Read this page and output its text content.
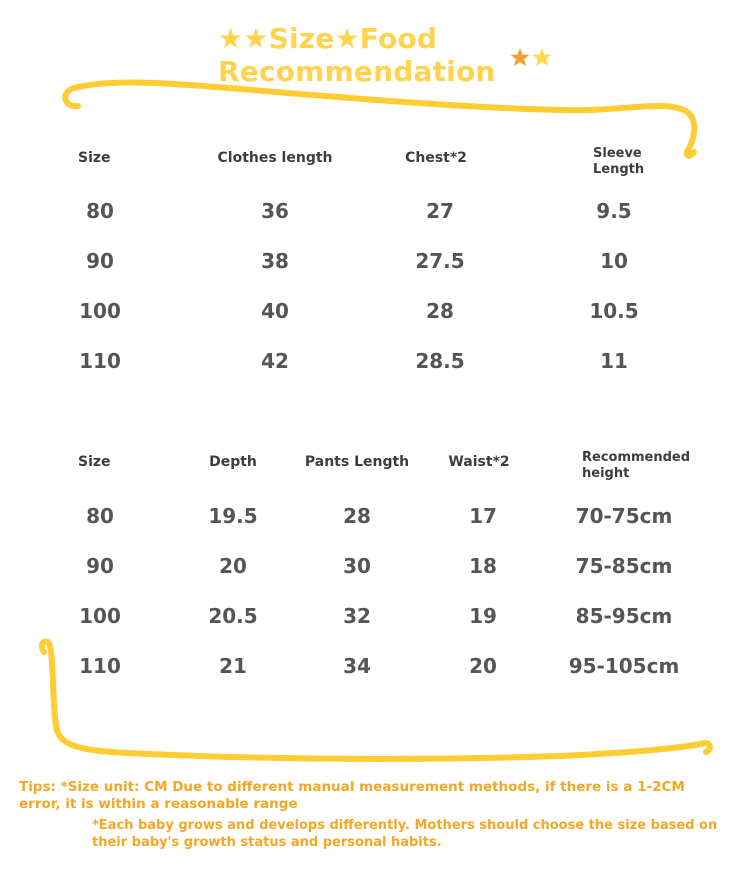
★★Size★Food
Recommendation
Size	Clothes length	Chest*2	Sleeve
Length
80	36	27	9.5
90	38	27.5	10
100	40	28	10.5
110	42	28.5	11
Size	Depth	Pants Length	Waist*2	Recommended
height
80	19.5	28	17	70-75cm
90	20	30	18	75-85cm
100	20.5	32	19	85-95cm
110	21	34	20	95-105cm
Tips: *Size unit: CM Due to different manual measurement methods, if there is a 1-2CM error, it is within a reasonable range
*Each baby grows and develops differently. Mothers should choose the size based on their baby's growth status and personal habits.
